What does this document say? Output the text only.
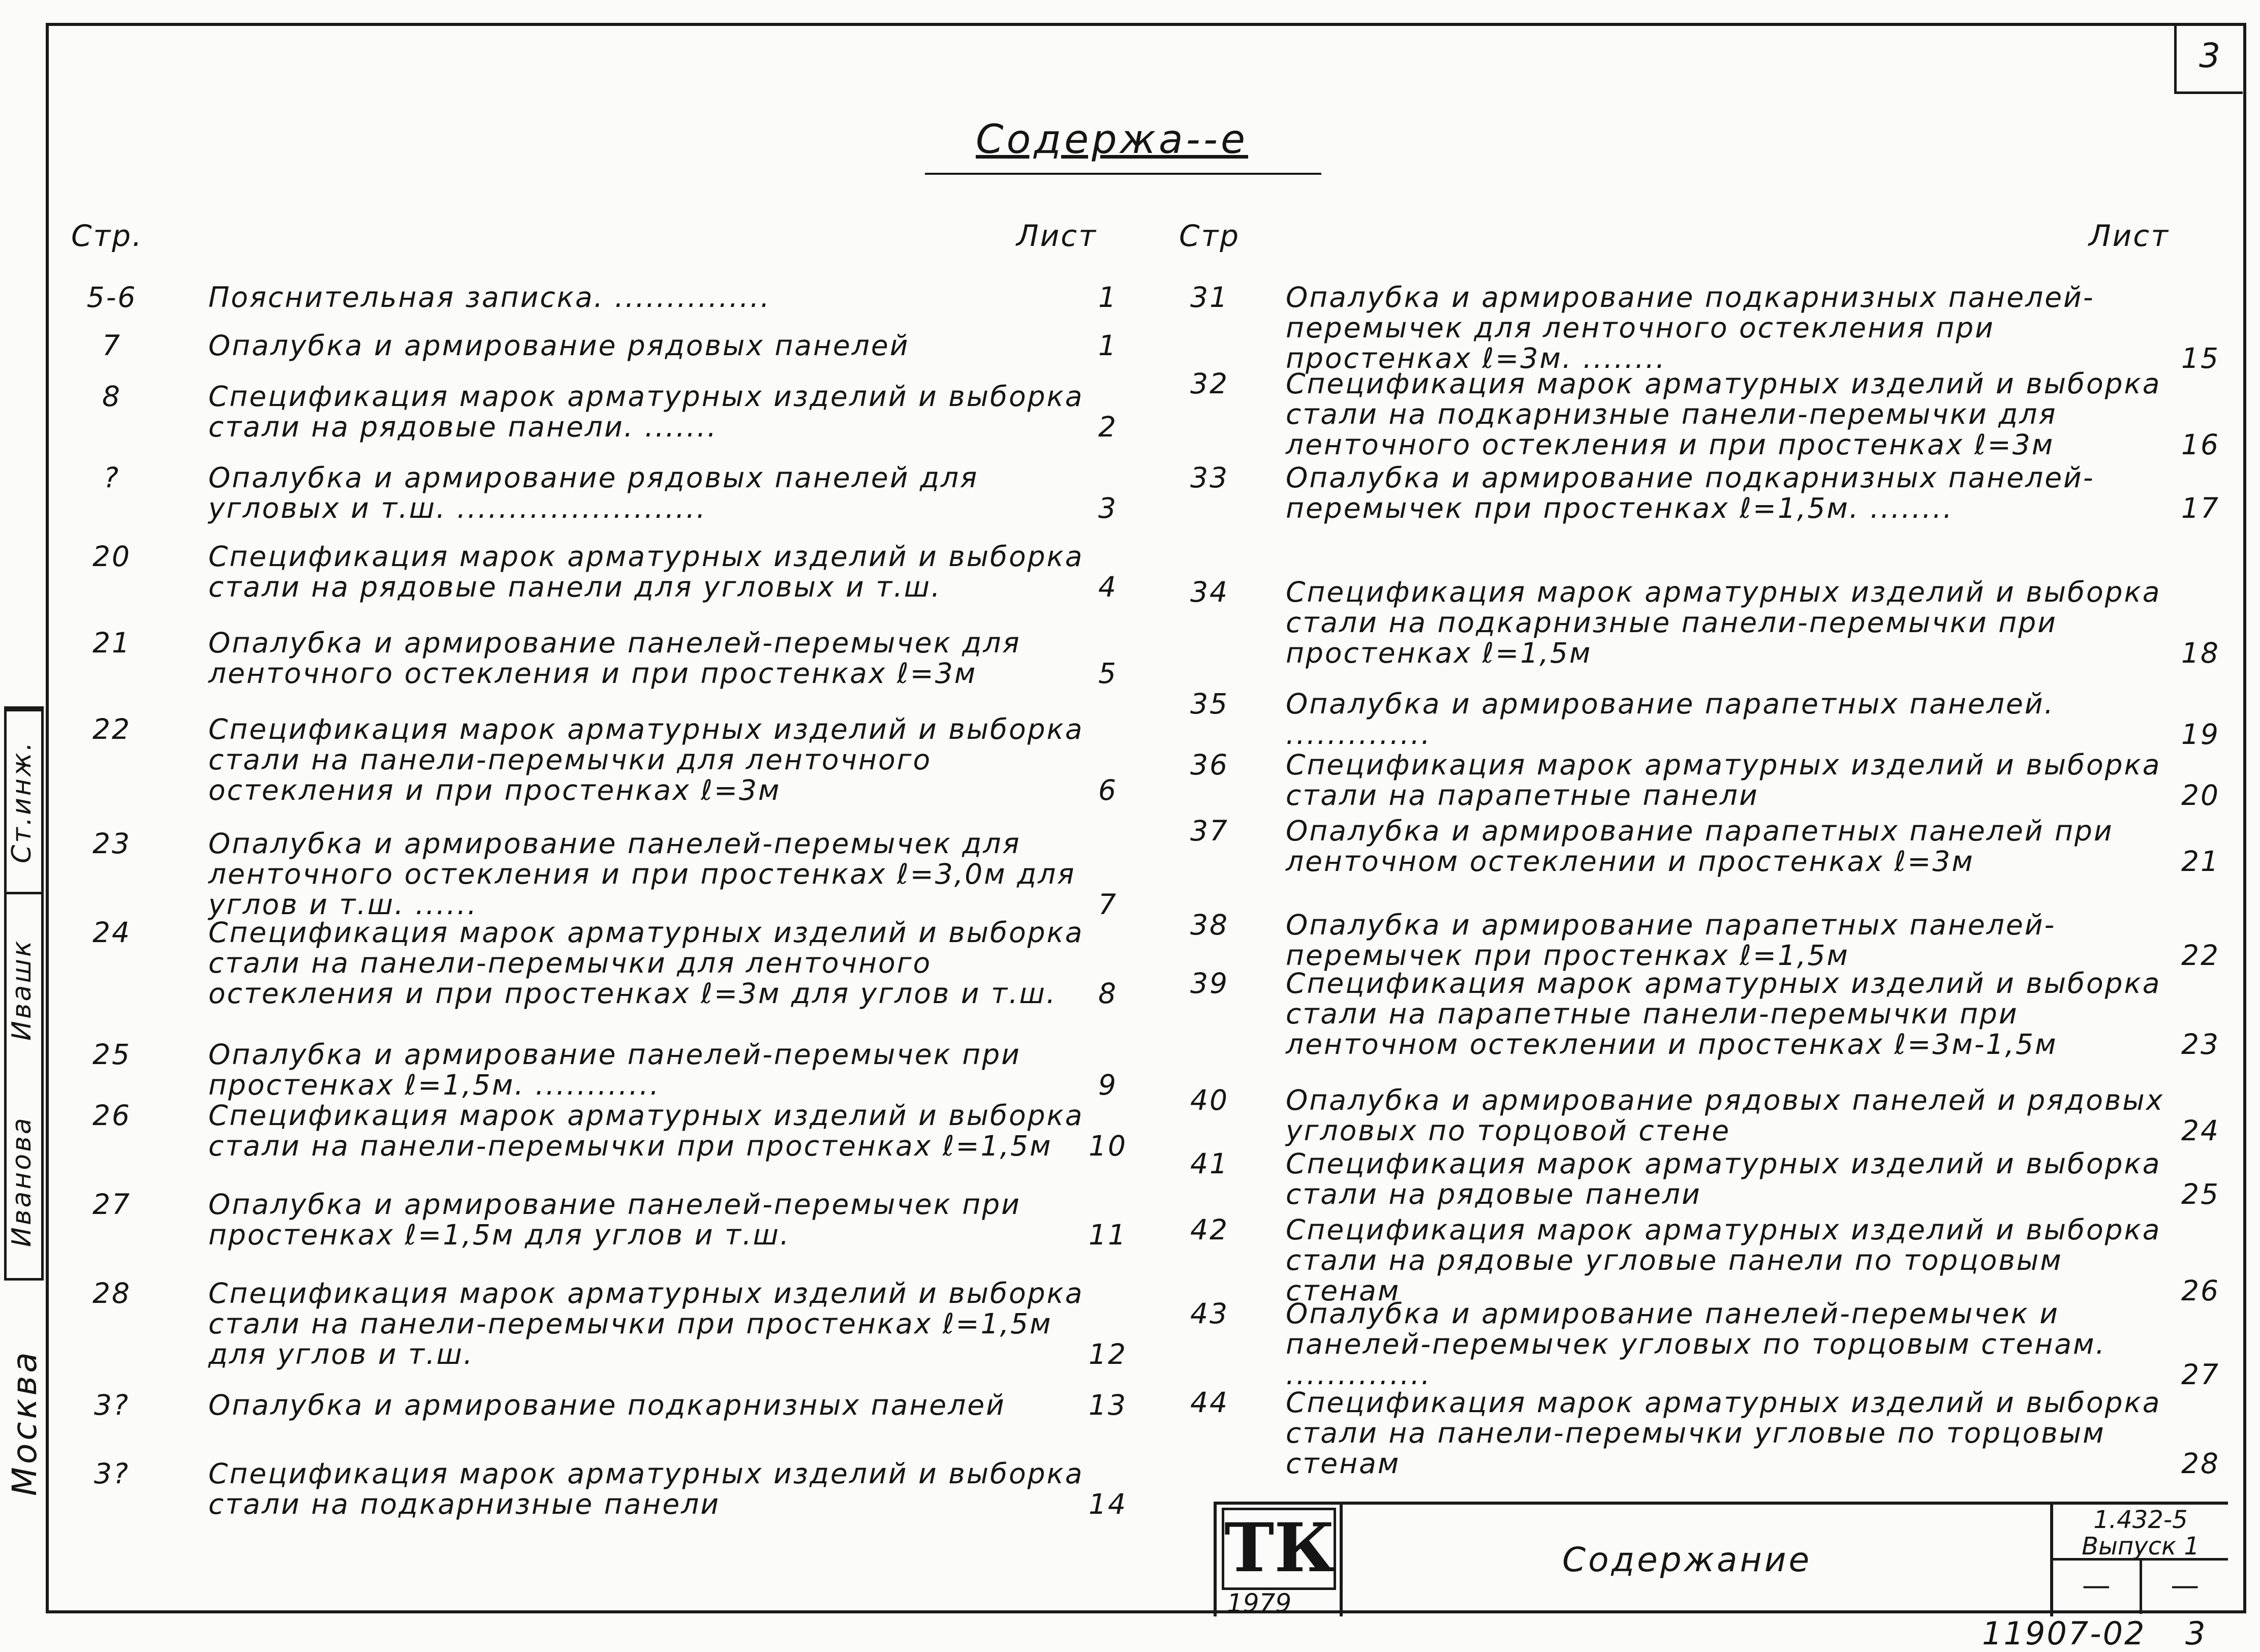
3
Содержа--е
Стр.	Лист	Стр	Лист
5-6	Пояснительная записка. ...............	1
7	Опалубка и армирование рядовых панелей	1
8	Спецификация марок арматурных изделий и выборка стали на рядовые панели. .......	2
?	Опалубка и армирование рядовых панелей для угловых и т.ш. ........................	3
20	Спецификация марок арматурных изделий и выборка стали на рядовые панели для угловых и т.ш.	4
21	Опалубка и армирование панелей-перемычек для ленточного остекления и при простенках ℓ=3м	5
22	Спецификация марок арматурных изделий и выборка стали на панели-перемычки для ленточного остекления и при простенках ℓ=3м	6
23	Опалубка и армирование панелей-перемычек для ленточного остекления и при простенках ℓ=3,0м для углов и т.ш. ......	7
24	Спецификация марок арматурных изделий и выборка стали на панели-перемычки для ленточного остекления и при простенках ℓ=3м для углов и т.ш.	8
25	Опалубка и армирование панелей-перемычек при простенках ℓ=1,5м. ............	9
26	Спецификация марок арматурных изделий и выборка стали на панели-перемычки при простенках ℓ=1,5м	10
27	Опалубка и армирование панелей-перемычек при простенках ℓ=1,5м для углов и т.ш.	11
28	Спецификация марок арматурных изделий и выборка стали на панели-перемычки при простенках ℓ=1,5м для углов и т.ш.	12
3?	Опалубка и армирование подкарнизных панелей	13
3?	Спецификация марок арматурных изделий и выборка стали на подкарнизные панели	14
31	Опалубка и армирование подкарнизных панелей-перемычек для ленточного остекления при простенках ℓ=3м. ........	15
32	Спецификация марок арматурных изделий и выборка стали на подкарнизные панели-перемычки для ленточного остекления и при простенках ℓ=3м	16
33	Опалубка и армирование подкарнизных панелей-перемычек при простенках ℓ=1,5м. ........	17
34	Спецификация марок арматурных изделий и выборка стали на подкарнизные панели-перемычки при простенках ℓ=1,5м	18
35	Опалубка и армирование парапетных панелей. ..............	19
36	Спецификация марок арматурных изделий и выборка стали на парапетные панели	20
37	Опалубка и армирование парапетных панелей при ленточном остеклении и простенках ℓ=3м	21
38	Опалубка и армирование парапетных панелей-перемычек при простенках ℓ=1,5м	22
39	Спецификация марок арматурных изделий и выборка стали на парапетные панели-перемычки при ленточном остеклении и простенках ℓ=3м-1,5м	23
40	Опалубка и армирование рядовых панелей и рядовых угловых по торцовой стене	24
41	Спецификация марок арматурных изделий и выборка стали на рядовые панели	25
42	Спецификация марок арматурных изделий и выборка стали на рядовые угловые панели по торцовым стенам	26
43	Опалубка и армирование панелей-перемычек и панелей-перемычек угловых по торцовым стенам. ..............	27
44	Спецификация марок арматурных изделий и выборка стали на панели-перемычки угловые по торцовым стенам	28
Ст.инж.
Ивашк
Иванова
Москва
ТК
1979
Содержание
1.432-5
Выпуск 1
—	—
11907-02 3
